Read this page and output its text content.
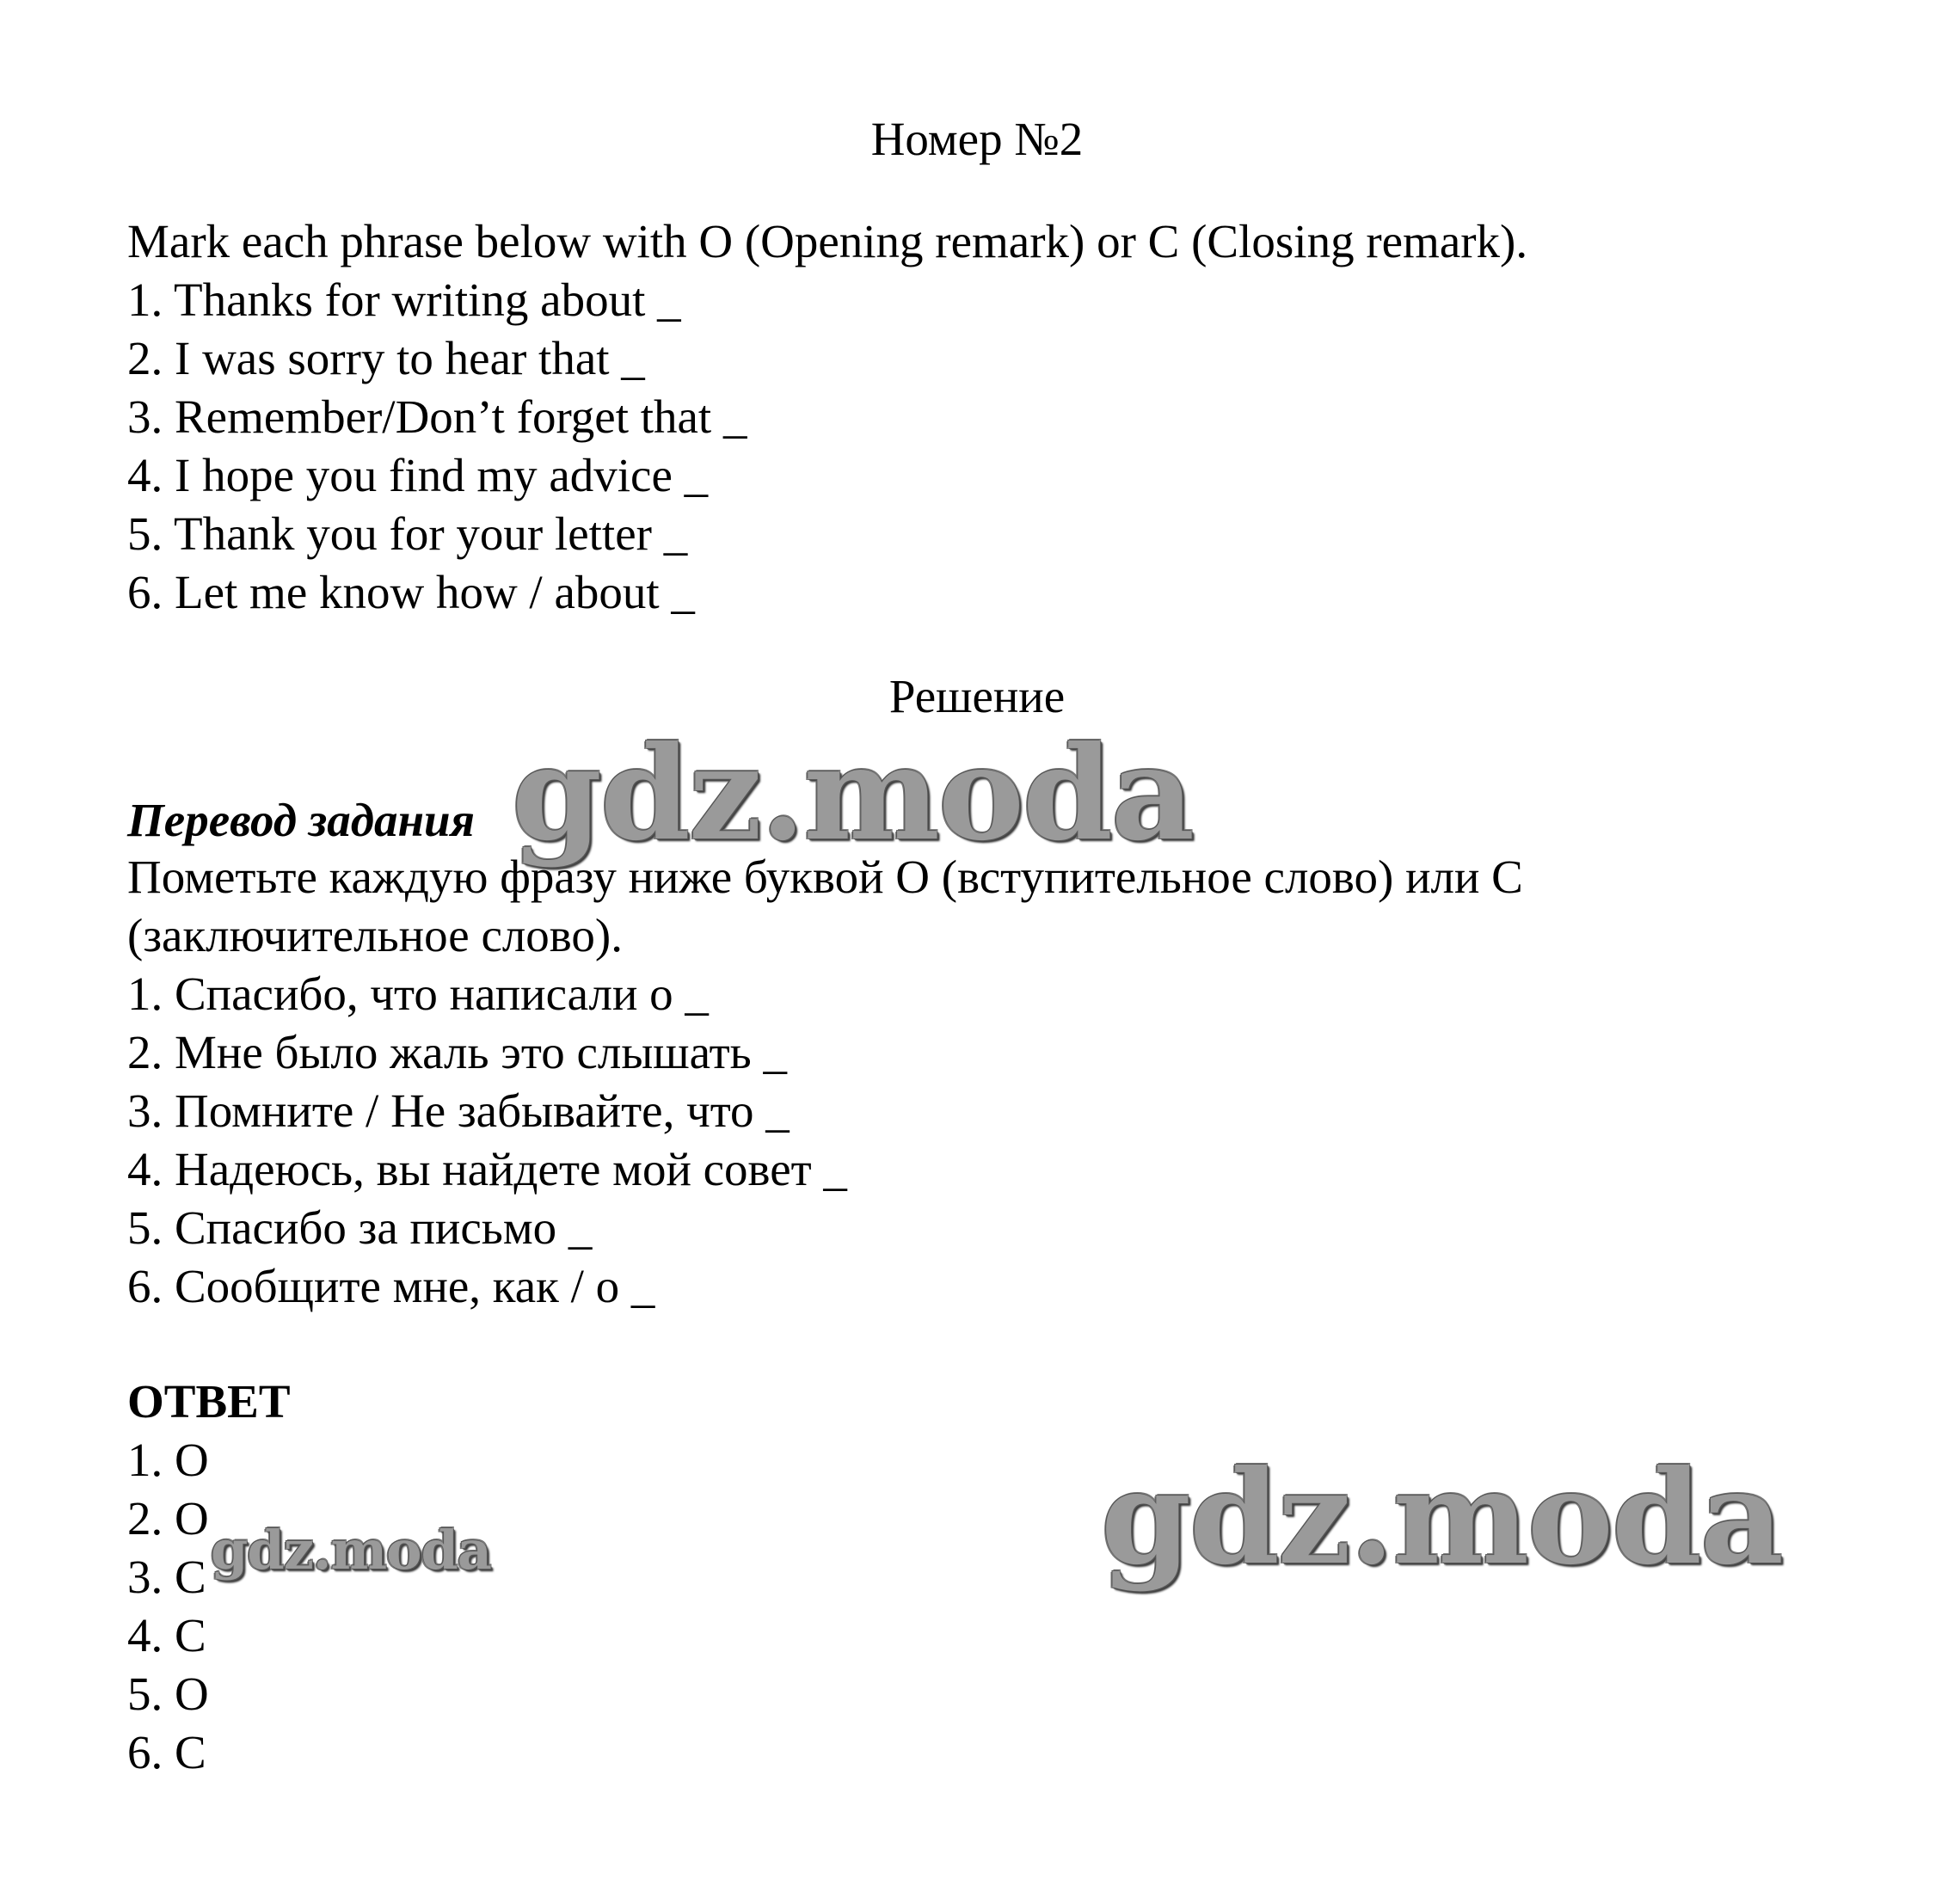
Номер №2
Mark each phrase below with O (Opening remark) or C (Closing remark).
1. Thanks for writing about _
2. I was sorry to hear that _
3. Remember/Don’t forget that _
4. I hope you find my advice _
5. Thank you for your letter _
6. Let me know how / about _
Решение
Перевод задания
Пометьте каждую фразу ниже буквой O (вступительное слово) или C
(заключительное слово).
1. Спасибо, что написали о _
2. Мне было жаль это слышать _
3. Помните / Не забывайте, что _
4. Надеюсь, вы найдете мой совет _
5. Спасибо за письмо _
6. Сообщите мне, как / о _
ОТВЕТ
1. O
2. O
3. C
4. C
5. O
6. C
gdz.moda
gdz.moda
gdz.moda
